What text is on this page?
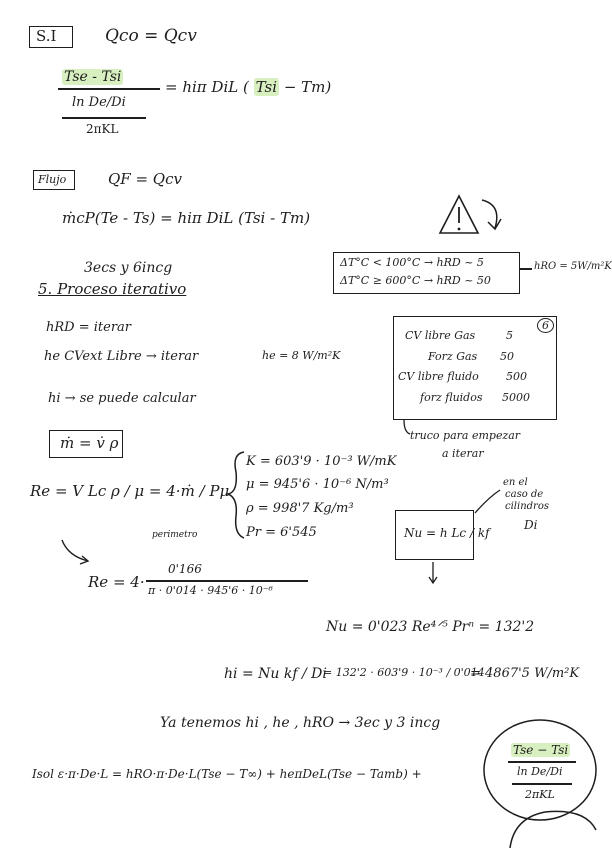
S.I	Qco = Qcv
Tse - Tsi
ln De/Di
2πKL
= hiπ DiL ( Tsi − Tm)
Flujo	QF = Qcv
ṁcP(Te - Ts) = hiπ DiL (Tsi - Tm)
3ecs y 6incg
5. Proceso iterativo
ΔT°C < 100°C → hRD ~ 5
ΔT°C ≥ 600°C → hRD ~ 50
hRO = 5W/m²K
hRD = iterar
he CVext Libre → iterar	he = 8 W/m²K
hi → se puede calcular
6
CV libre Gas	5
Forz Gas 50
CV libre fluido 500
forz fluidos 5000
truco para empezar
a iterar
ṁ = v̇ ρ
Re = V Lc ρ / μ = 4·ṁ / Pμ
perimetro
K = 603'9 · 10⁻³ W/mK
μ = 945'6 · 10⁻⁶ N/m³
ρ = 998'7 Kg/m³
Pr = 6'545
Re = 4·
0'166
π · 0'014 · 945'6 · 10⁻⁶
Nu = h Lc / kf
en el
caso de
cilindros
Di
Nu = 0'023 Re⁴ᐟ⁵ Prⁿ = 132'2
hi = Nu kf / Di
= 132'2 · 603'9 · 10⁻³ / 0'014
= 4867'5 W/m²K
Ya tenemos hi , he , hRO → 3ec y 3 incg
Isol ε·π·De·L = hRO·π·De·L(Tse − T∞) + heπDeL(Tse − Tamb) +
Tse − Tsi
ln De/Di
2πKL
